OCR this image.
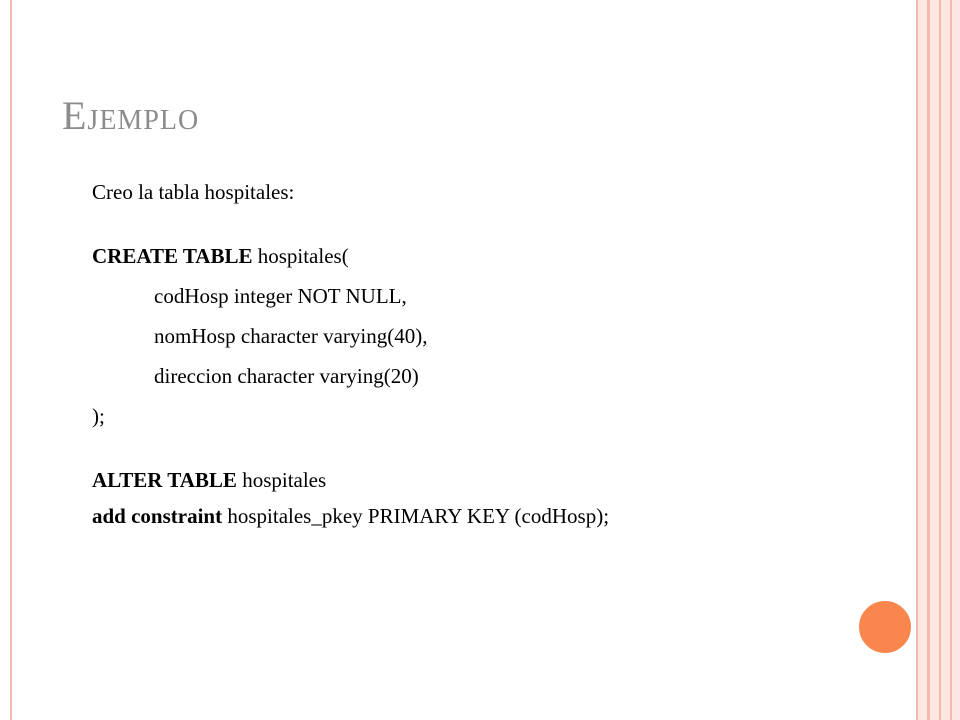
Ejemplo
Creo la tabla hospitales:
CREATE TABLE hospitales(
codHosp integer NOT NULL,
nomHosp character varying(40),
direccion character varying(20)
);
ALTER TABLE hospitales
add constraint hospitales_pkey PRIMARY KEY (codHosp);
